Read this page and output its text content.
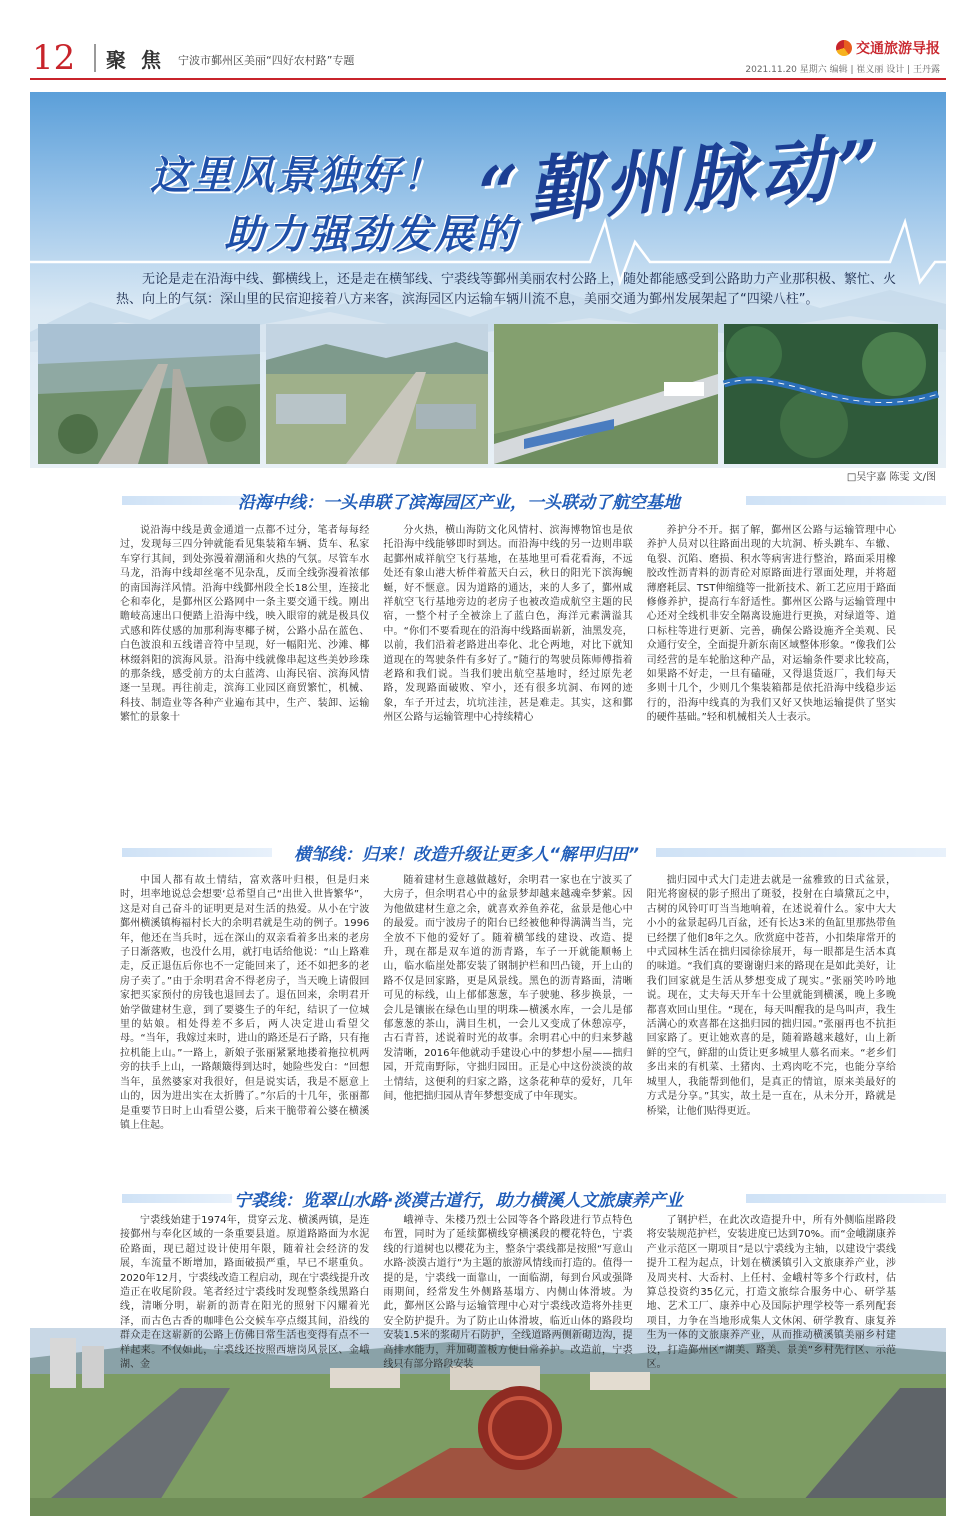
12 聚 焦 宁波市鄞州区美丽“四好农村路”专题
交通旅游导报
2021.11.20 星期六 编辑 | 崔义丽 设计 | 王丹露
这里风景独好！
助力强劲发展的
“鄞州脉动”
无论是走在沿海中线、鄞横线上，还是走在横邹线、宁裘线等鄞州美丽农村公路上，随处都能感受到公路助力产业那积极、繁忙、火热、向上的气氛：深山里的民宿迎接着八方来客，滨海园区内运输车辆川流不息，美丽交通为鄞州发展架起了“四梁八柱”。
□吴宇嘉 陈雯 文/图
沿海中线：一头串联了滨海园区产业，一头联动了航空基地

说沿海中线是黄金通道一点都不过分，笔者每每经过，发现每三四分钟就能看见集装箱车辆、货车、私家车穿行其间，到处弥漫着潮涌和火热的气氛。尽管车水马龙，沿海中线却丝毫不见杂乱，反而全线弥漫着浓郁的南国海洋风情。沿海中线鄞州段全长18公里，连接北仑和奉化，是鄞州区公路网中一条主要交通干线。刚出瞻岐高速出口便踏上沿海中线，映入眼帘的就是极具仪式感和阵仗感的加那利海枣椰子树，公路小品在蓝色、白色波浪和五线谱音符中呈现，好一幅阳光、沙滩、椰林缀斜阳的滨海风景。沿海中线就像串起这些美妙珍珠的那条线，感受前方的太白蓝湾、山海民宿、滨海风情逐一呈现。再往前走，滨海工业园区商贸繁忙，机械、科技、制造业等各种产业遍布其中，生产、装卸、运输繁忙的景象十

分火热，横山海防文化风情村、滨海博物馆也是依托沿海中线能够即时到达。而沿海中线的另一边则串联起鄞州咸祥航空飞行基地，在基地里可看花看海，不远处还有象山港大桥伴着蓝天白云，秋日的阳光下滨海蜿蜒，好不惬意。因为道路的通达，来的人多了，鄞州咸祥航空飞行基地旁边的老房子也被改造成航空主题的民宿，一整个村子全被涂上了蓝白色，海洋元素满溢其中。“你们不要看现在的沿海中线路面崭新，油黑发亮，以前，我们沿着老路进出奉化、北仑两地，对比下就知道现在的驾驶条件有多好了。”随行的驾驶员陈师傅指着老路和我们说。当我们驶出航空基地时，经过原先老路，发现路面破败、窄小，还有很多坑洞、布网的迹象，车子开过去，坑坑洼洼，甚是难走。其实，这和鄞州区公路与运输管理中心持续精心

养护分不开。据了解，鄞州区公路与运输管理中心养护人员对以往路面出现的大坑洞、桥头跳车、车辙、龟裂、沉陷、磨损、积水等病害进行整治，路面采用橡胶改性沥青料的沥青砼对原路面进行罩面处理，并将超薄磨耗层、TST伸缩缝等一批新技术、新工艺应用于路面修修养护，提高行车舒适性。鄞州区公路与运输管理中心还对全线机非安全隔离设施进行更换，对绿道等、道口标柱等进行更新、完善，确保公路设施齐全美观、民众通行安全，全面提升新东南区域整体形象。“像我们公司经营的是车轮胎这种产品，对运输条件要求比较高，如果路不好走，一旦有磕碰，又得退货返厂，我们每天多则十几个，少则几个集装箱都是依托沿海中线稳步运行的，沿海中线真的为我们又好又快地运输提供了坚实的硬件基础。”轻和机械相关人士表示。

横邹线：归来！改造升级让更多人“解甲归田”

中国人都有故土情结，富欢落叶归根，但是归来时，坦率地说总会想要‘总希望自己“出世入世皆繁华”，这是对自己奋斗的证明更是对生活的热爱。从小在宁波鄞州横溪镇梅福村长大的余明君就是生动的例子。1996年，他还在当兵时，远在深山的双亲看着多出来的老房子日渐落败，也没什么用，就打电话给他说：“山上路难走，反正退伍后你也不一定能回来了，还不如把多的老房子卖了。”由于余明君舍不得老房子，当天晚上请假回家把买家预付的房钱也退回去了。退伍回来，余明君开始学做建材生意，到了要婆生子的年纪，结识了一位城里的姑娘。相处得差不多后，两人决定进山看望父母。“当年，我嫁过来时，进山的路还是石子路，只有拖拉机能上山。”一路上，新娘子张丽紧紧地搂着拖拉机两旁的扶手上山，一路颠簸得到达时，她险些发白：“回想当年，虽然婆家对我很好，但是说实话，我是不愿意上山的，因为进出实在太折腾了。”尔后的十几年，张丽都是重要节日时上山看望公婆，后来干脆带着公婆在横溪镇上住起。

随着建材生意越做越好，余明君一家也在宁波买了大房子，但余明君心中的盆景梦却越来越魂牵梦萦。因为他做建材生意之余，就喜欢养鱼养花，盆景是他心中的最爱。而宁波房子的阳台已经被他种得满满当当，完全放不下他的爱好了。随着横邹线的建设、改造、提升，现在都是双车道的沥青路，车子一开就能顺畅上山，临水临崖处都安装了钢制护栏和凹凸镜，开上山的路不仅是回家路，更是风景线。黑色的沥青路面，清晰可见的标线，山上郁郁葱葱，车子驶驰、移步换景，一会儿是镶嵌在绿色山里的明珠—横溪水库，一会儿是郁郁葱葱的茶山，满目生机，一会儿又变成了休憩凉亭，古石青苔，述说着时光的故事。余明君心中的归来梦越发清晰，2016年他就动手建设心中的梦想小屋——拙归园，开荒南野际，守拙归园田。正是心中这份淡淡的故土情结，这便利的归家之路，这条花种草的爱好，几年间，他把拙归园从青年梦想变成了中年现实。

拙归园中式大门走进去就是一盆雅致的日式盆景，阳光将窗棂的影子照出了斑驳，投射在白墙黛瓦之中，古树的风铃叮叮当当地响着，在述说着什么。家中大大小小的盆景起码几百盆，还有长达3米的鱼缸里那热带鱼已经摆了他们8年之久。欣赏庭中苍苔，小扣柴扉常开的中式园林生活在拙归园徐徐展开，每一眼都是生活本真的味道。“我们真的要谢谢归来的路现在是如此美好，让我们回家就是生活从梦想变成了现实。”张丽笑吟吟地说。现在，丈夫每天开车十公里就能到横溪，晚上多晚都喜欢回山里住。“现在，每天叫醒我的是鸟叫声，我生活满心的欢喜都在这拙归园的拙归园。”张丽再也不抗拒回家路了。更让她欢喜的是，随着路越来越好，山上新鲜的空气，鲜甜的山货让更多城里人慕名而来。“老乡们多出来的有机菜、土猪肉、土鸡肉吃不完，也能分享给城里人，我能帮到他们，是真正的情谊，原来美最好的方式是分享。”其实，故土是一直在，从未分开，路就是桥梁，让他们贴得更近。

宁裘线：览翠山水路·淡漠古道行，助力横溪人文旅康养产业

宁裘线始建于1974年，贯穿云龙、横溪两镇，是连接鄞州与奉化区域的一条重要县道。原道路路面为水泥砼路面，现已超过设计使用年限，随着社会经济的发展，车流量不断增加，路面破损严重，早已不堪重负。2020年12月，宁裘线改造工程启动，现在宁裘线提升改造正在收尾阶段。笔者经过宁裘线时发现整条线黑路白线，清晰分明，崭新的沥青在阳光的照射下闪耀着光泽，而古色古香的咖啡色公交候车亭点缀其间，沿线的群众走在这崭新的公路上仿佛日常生活也变得有点不一样起来。不仅如此，宁裘线还按照西塘岗风景区、金峨湖、金

峨禅寺、朱楼乃烈士公园等各个路段进行节点特色布置，同时为了延续鄞横线穿横溪段的樱花特色，宁裘线的行道树也以樱花为主，整条宁裘线都是按照“写意山水路·淡漠古道行”为主题的旅游风情线而打造的。值得一提的是，宁裘线一面靠山，一面临湖，每到台风或强降雨期间，经常发生外侧路基塌方、内侧山体滑坡。为此，鄞州区公路与运输管理中心对宁裘线改造将外挂更安全防护提升。为了防止山体滑坡，临近山体的路段均安装1.5米的浆砌片石防护，全线道路两侧新砌边沟，提高排水能力，并加砌盖板方便日常养护。改造前，宁裘线只有部分路段安装

了钢护栏，在此次改造提升中，所有外侧临崖路段将安装规范护栏，安装进度已达到70%。而“金峨湖康养产业示范区一期项目”是以宁裘线为主轴，以建设宁裘线提升工程为起点，计划在横溪镇引入文旅康养产业，涉及周夹村、大岙村、上任村、金峨村等多个行政村，估算总投资约35亿元，打造文旅综合服务中心、研学基地、艺术工厂、康养中心及国际护理学校等一系列配套项目，力争在当地形成集人文休闲、研学教育、康复养生为一体的文旅康养产业，从而推动横溪镇美丽乡村建设，打造鄞州区“湖美、路美、景美”乡村先行区、示范区。
